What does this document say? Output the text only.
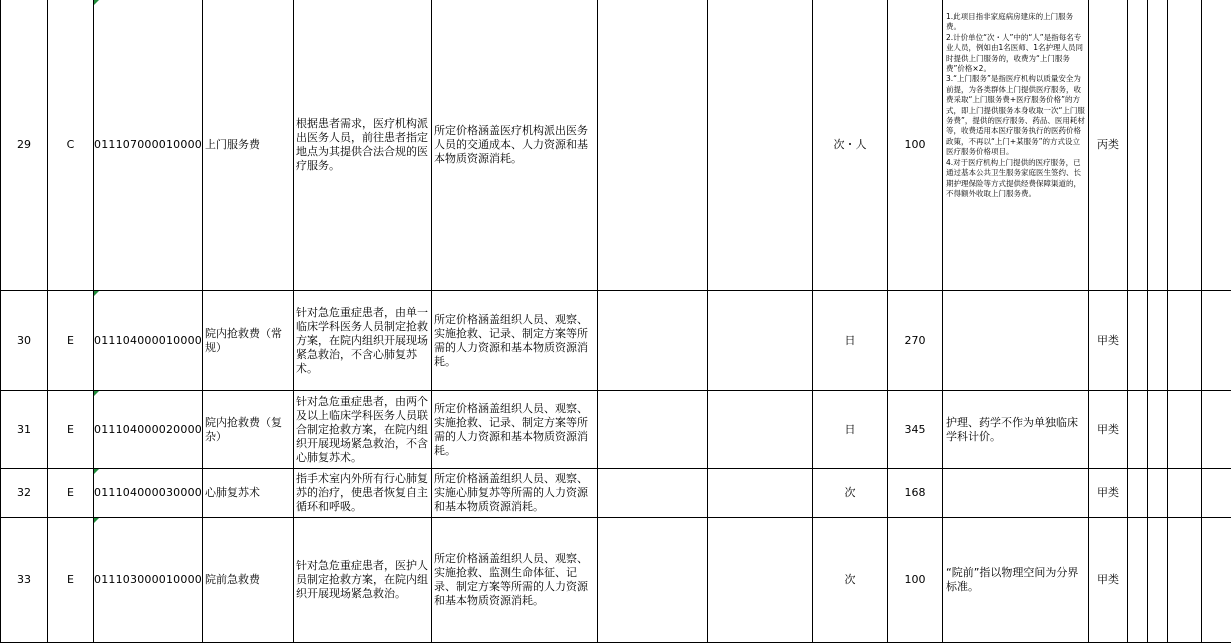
29	C	011107000010000	上门服务费	根据患者需求，医疗机构派出医务人员，前往患者指定地点为其提供合法合规的医疗服务。	所定价格涵盖医疗机构派出医务人员的交通成本、人力资源和基本物质资源消耗。			次・人	100	1.此项目指非家庭病房建床的上门服务费。
2.计价单位“次・人”中的“人”是指每名专业人员，例如由1名医师、1名护理人员同时提供上门服务的，收费为“上门服务费”价格×2。
3.“上门服务”是指医疗机构以质量安全为前提，为各类群体上门提供医疗服务，收费采取“上门服务费+医疗服务价格”的方式，即上门提供服务本身收取一次“上门服务费”，提供的医疗服务、药品、医用耗材等，收费适用本医疗服务执行的医药价格政策，不再以“上门+某服务”的方式设立医疗服务价格项目。
4.对于医疗机构上门提供的医疗服务，已通过基本公共卫生服务家庭医生签约、长期护理保险等方式提供经费保障渠道的，不得额外收取上门服务费。	丙类				
30	E	011104000010000	院内抢救费（常规）	针对急危重症患者，由单一临床学科医务人员制定抢救方案，在院内组织开展现场紧急救治，不含心肺复苏术。	所定价格涵盖组织人员、观察、实施抢救、记录、制定方案等所需的人力资源和基本物质资源消耗。			日	270		甲类				
31	E	011104000020000	院内抢救费（复杂）	针对急危重症患者，由两个及以上临床学科医务人员联合制定抢救方案，在院内组织开展现场紧急救治，不含心肺复苏术。	所定价格涵盖组织人员、观察、实施抢救、记录、制定方案等所需的人力资源和基本物质资源消耗。			日	345	护理、药学不作为单独临床学科计价。	甲类				
32	E	011104000030000	心肺复苏术	指手术室内外所有行心肺复苏的治疗，使患者恢复自主循环和呼吸。	所定价格涵盖组织人员、观察、实施心肺复苏等所需的人力资源和基本物质资源消耗。			次	168		甲类				
33	E	011103000010000	院前急救费	针对急危重症患者，医护人员制定抢救方案，在院内组织开展现场紧急救治。	所定价格涵盖组织人员、观察、实施抢救、监测生命体征、记录、制定方案等所需的人力资源和基本物质资源消耗。			次	100	“院前”指以物理空间为分界标准。	甲类				
